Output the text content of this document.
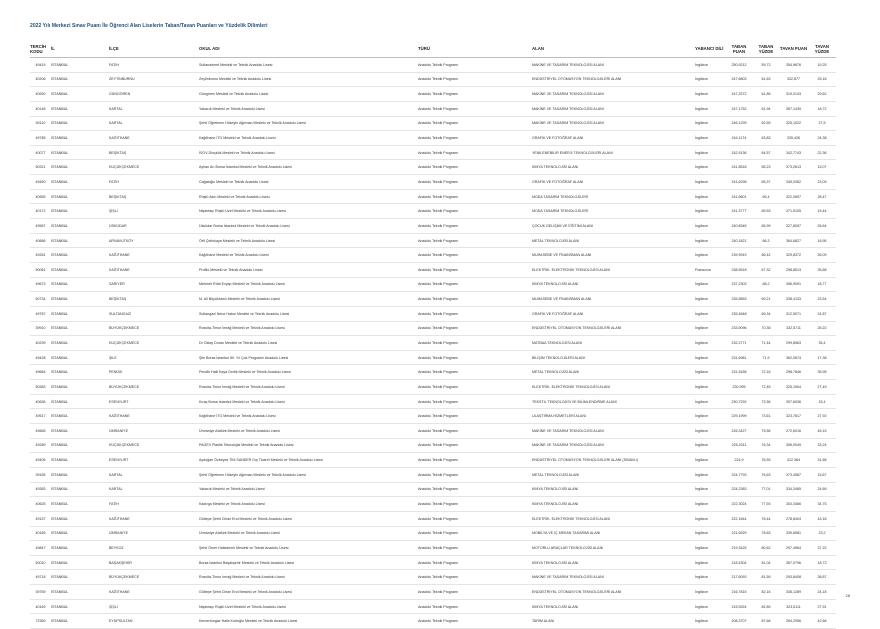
2022 Yılı Merkezi Sınav Puanı İle Öğrenci Alan Liselerin Taban/Tavan Puanları ve Yüzdelik Dilimleri
TERCİH KODU	İL	İLÇE	OKUL ADI	TÜRÜ	ALAN	YABANCI DİLİ	TABAN PUAN	TABAN YÜZDE	TAVAN PUAN	TAVAN YÜZDE
49419	İSTANBUL	FATİH	Sultanahmet Mesleki ve Teknik Anadolu Lisesi	Anadolu Teknik Programı	MAKİNE VE TASARIM TEKNOLOJİSİ ALANI	İngilizce	250,9212	59,72	354,9676	19,25
40206	İSTANBUL	ZEYTİNBURNU	Zeytinburnu Mesleki ve Teknik Anadolu Lisesi	Anadolu Teknik Programı	ENDÜSTRİYEL OTOMASYON TEKNOLOJİLERİ ALANI	İngilizce	247,6803	61,63	332,877	25,18
40530	İSTANBUL	GÜNGÖREN	Güngören Mesleki ve Teknik Anadolu Lisesi	Anadolu Teknik Programı	MAKİNE VE TASARIM TEKNOLOJİSİ ALANI	İngilizce	247,3372	61,85	319,0143	29,62
40146	İSTANBUL	KARTAL	Yakacık Mesleki ve Teknik Anadolu Lisesi	Anadolu Teknik Programı	MAKİNE VE TASARIM TEKNOLOJİSİ ALANI	İngilizce	247,1752	61,94	357,1439	18,72
50110	İSTANBUL	KARTAL	Şehit Öğretmen Hüseyin Ağırman Mesleki ve Teknik Anadolu Lisesi	Anadolu Teknik Programı	MAKİNE VE TASARIM TEKNOLOJİSİ ALANI	İngilizce	246,1299	62,59	325,1022	27,5
49785	İSTANBUL	KAĞITHANE	Kağıthane İTO Mesleki ve Teknik Anadolu Lisesi	Anadolu Teknik Programı	GRAFİK VE FOTOĞRAF ALANI	İngilizce	244,1174	63,83	335,426	24,38
40077	İSTANBUL	BEŞİKTAŞ	İSOV-Dinçkök Mesleki ve Teknik Anadolu Lisesi	Anadolu Teknik Programı	YENİLENEBİLİR ENERJİ TEKNOLOJİLERİ ALANI	İngilizce	242,9136	64,57	342,7743	22,36
50321	İSTANBUL	KÜÇÜKÇEKMECE	Ayhan Arı Borsa İstanbul Mesleki ve Teknik Anadolu Lisesi	Anadolu Teknik Programı	KİMYA TEKNOLOJİSİ ALANI	İngilizce	241,8518	65,23	373,2613	15,07
49450	İSTANBUL	FATİH	Cağaloğlu Mesleki ve Teknik Anadolu Lisesi	Anadolu Teknik Programı	GRAFİK VE FOTOĞRAF ALANI	İngilizce	241,6298	65,37	349,0352	23,09
40555	İSTANBUL	BEŞİKTAŞ	Rüştü Akın Mesleki ve Teknik Anadolu Lisesi	Anadolu Teknik Programı	MODA TASARIM TEKNOLOJİLERİ	İngilizce	241,5601	65,4	322,0697	28,47
40172	İSTANBUL	ŞİŞLİ	Nişantaşı Rüştü Uzel Mesleki ve Teknik Anadolu Lisesi	Anadolu Teknik Programı	MODA TASARIM TEKNOLOJİLERİ	İngilizce	241,3777	65,53	371,5105	15,44
49587	İSTANBUL	ÜSKÜDAR	Üsküdar Borsa İstanbul Mesleki ve Teknik Anadolu Lisesi	Anadolu Teknik Programı	ÇOCUK GELİŞİMİ VE EĞİTİMİ ALANI	İngilizce	240,6545	65,99	327,8097	26,64
40666	İSTANBUL	ARNAVUTKÖY	Örfi Çetinkaya Mesleki ve Teknik Anadolu Lisesi	Anadolu Teknik Programı	METAL TEKNOLOJİSİ ALANI	İngilizce	240,1821	66,3	364,6827	16,95
49281	İSTANBUL	KAĞITHANE	Kağıthane Mesleki ve Teknik Anadolu Lisesi	Anadolu Teknik Programı	MUHASEBE VE FİNANSMAN ALANI	İngilizce	239,9919	66,42	329,8372	26,09
50061	İSTANBUL	KAĞITHANE	Profilo Mesleki ve Teknik Anadolu Lisesi	Anadolu Teknik Programı	ELEKTRİK- ELEKTRONİK TEKNOLOJİSİ ALANI	Fransızca	238,5518	67,32	298,8513	35,68
49673	İSTANBUL	SARIYER	Mehmet Rıfat Evyap Mesleki ve Teknik Anadolu Lisesi	Anadolu Teknik Programı	KİMYA TEKNOLOJİSİ ALANI	İngilizce	237,2303	68,2	356,9091	18,77
50734	İSTANBUL	BEŞİKTAŞ	M. Ali Büyükhanlı Mesleki ve Teknik Anadolu Lisesi	Anadolu Teknik Programı	MUHASEBE VE FİNANSMAN ALANI	İngilizce	235,5853	69,21	338,4133	23,54
49787	İSTANBUL	SULTANGAZİ	Sultangazi Nene Hatun Mesleki ve Teknik Anadolu Lisesi	Anadolu Teknik Programı	GRAFİK VE FOTOĞRAF ALANI	İngilizce	235,4848	69,34	312,5071	31,87
39910	İSTANBUL	BÜYÜKÇEKMECE	Rosvita-Timur İmrağ Mesleki ve Teknik Anadolu Lisesi	Anadolu Teknik Programı	ENDÜSTRİYEL OTOMASYON TEKNOLOJİLERİ ALANI	İngilizce	233,9096	70,36	332,5711	25,22
40239	İSTANBUL	KÜÇÜKÇEKMECE	Dr Oktay Duran Mesleki ve Teknik Anadolu Lisesi	Anadolu Teknik Programı	MATBAA TEKNOLOJİSİ ALANI	İngilizce	232,2771	71,44	299,8563	35,4
49428	İSTANBUL	ŞİLE	Şile Borsa İstanbul 80. Yıl Çok Programlı Anadolu Lisesi	Anadolu Teknik Programı	BİLİŞİM TEKNOLOJİLERİ ALANI	İngilizce	231,6981	71,9	362,0674	17,38
49664	İSTANBUL	PENDİK	Pendik Halil Kaya Gedik Mesleki ve Teknik Anadolu Lisesi	Anadolu Teknik Programı	METAL TEKNOLOJİSİ ALANI	İngilizce	231,5168	72,16	298,7846	35,95
50383	İSTANBUL	BÜYÜKÇEKMECE	Rosvita-Timur İmrağ Mesleki ve Teknik Anadolu Lisesi	Anadolu Teknik Programı	ELEKTRİK- ELEKTRONİK TEKNOLOJİSİ ALANI	İngilizce	230,995	72,45	325,1504	27,49
40636	İSTANBUL	ESENYURT	Kıraç Borsa İstanbul Mesleki ve Teknik Anadolu Lisesi	Anadolu Teknik Programı	TEKSTİL TEKNOLOJİSİ VE BİLİMLENDİRME ALANI	İngilizce	230,7292	72,56	307,6036	33,4
49517	İSTANBUL	KAĞITHANE	Kağıthane İTO Mesleki ve Teknik Anadolu Lisesi	Anadolu Teknik Programı	ULAŞTIRMA HİZMETLERİ ALANI	İngilizce	229,1999	73,61	323,7817	27,92
49665	İSTANBUL	ÜMRANİYE	Ümraniye Atatürk Mesleki ve Teknik Anadolu Lisesi	Anadolu Teknik Programı	MAKİNE VE TASARIM TEKNOLOJİSİ ALANI	İngilizce	226,3427	75,56	272,6016	45,15
49289	İSTANBUL	KÜÇÜKÇEKMECE	PAGEV Plastik Teknolojisi Mesleki ve Teknik Anadolu Lisesi	Anadolu Teknik Programı	MAKİNE VE TASARIM TEKNOLOJİSİ ALANI	İngilizce	225,2011	76,34	306,0049	33,24
49405	İSTANBUL	ESENYURT	Aydoğan Özbeyaz TİM SANDER Dış Ticaret Mesleki ve Teknik Anadolu Lisesi	Anadolu Teknik Programı	ENDÜSTRİYEL OTOMASYON TEKNOLOJİLERİ ALANI (SINAVLI)	İngilizce	224,9	76,55	312,364	31,68
39165	İSTANBUL	KARTAL	Şehit Öğretmen Hüseyin Ağırman Mesleki ve Teknik Anadolu Lisesi	Anadolu Teknik Programı	METAL TEKNOLOJİSİ ALANI	İngilizce	224,7793	76,63	373,4587	15,67
49383	İSTANBUL	KARTAL	Yakacık Mesleki ve Teknik Anadolu Lisesi	Anadolu Teknik Programı	KİMYA TEKNOLOJİSİ ALANI	İngilizce	224,2383	77,01	334,3465	24,69
40625	İSTANBUL	FATİH	Kadırga Mesleki ve Teknik Anadolu Lisesi	Anadolu Teknik Programı	KİMYA TEKNOLOJİSİ ALANI	İngilizce	222,3024	77,93	303,3466	34,75
49157	İSTANBUL	KAĞITHANE	Gültepe Şehit Cihan Erol Mesleki ve Teknik Anadolu Lisesi	Anadolu Teknik Programı	ELEKTRİK- ELEKTRONİK TEKNOLOJİSİ ALANI	İngilizce	222,1644	78,44	278,8404	43,18
40165	İSTANBUL	ÜMRANİYE	Ümraniye Atatürk Mesleki ve Teknik Anadolu Lisesi	Anadolu Teknik Programı	MOBİLYA VE İÇ MEKAN TASARIMI ALANI	İngilizce	221,6929	78,63	339,6581	23,2
49847	İSTANBUL	BEYKOZ	Şehit Ömer Halisdemir Mesleki ve Teknik Anadolu Lisesi	Anadolu Teknik Programı	MOTORLU ARAÇLAR TEKNOLOJİSİ ALANI	İngilizce	219,3425	80,62	297,4964	37,22
50010	İSTANBUL	BAŞAKŞEHİR	Borsa İstanbul Başakşehir Mesleki ve Teknik Anadolu Lisesi	Anadolu Teknik Programı	KİMYA TEKNOLOJİSİ ALANI	İngilizce	218,4304	81,04	357,0796	18,73
49718	İSTANBUL	BÜYÜKÇEKMECE	Rosvita-Timur İmrağ Mesleki ve Teknik Anadolu Lisesi	Anadolu Teknik Programı	MAKİNE VE TASARIM TEKNOLOJİSİ ALANI	İngilizce	217,6093	81,59	293,8408	38,87
39759	İSTANBUL	KAĞITHANE	Gültepe Şehit Cihan Erol Mesleki ve Teknik Anadolu Lisesi	Anadolu Teknik Programı	ENDÜSTRİYEL OTOMASYON TEKNOLOJİLERİ ALANI	İngilizce	216,7815	82,16	336,1289	24,18
40169	İSTANBUL	ŞİŞLİ	Nişantaşı Rüştü Uzel Mesleki ve Teknik Anadolu Lisesi	Anadolu Teknik Programı	KİMYA TEKNOLOJİSİ ALANI	İngilizce	215,5924	82,89	323,6111	27,91
72369	İSTANBUL	EYÜPSULTAN	Kemerburgaz Halis Kurtoğlu Mesleki ve Teknik Anadolu Lisesi	Anadolu Teknik Programı	TARIM ALANI	İngilizce	208,3707	87,66	284,2956	42,66
28
